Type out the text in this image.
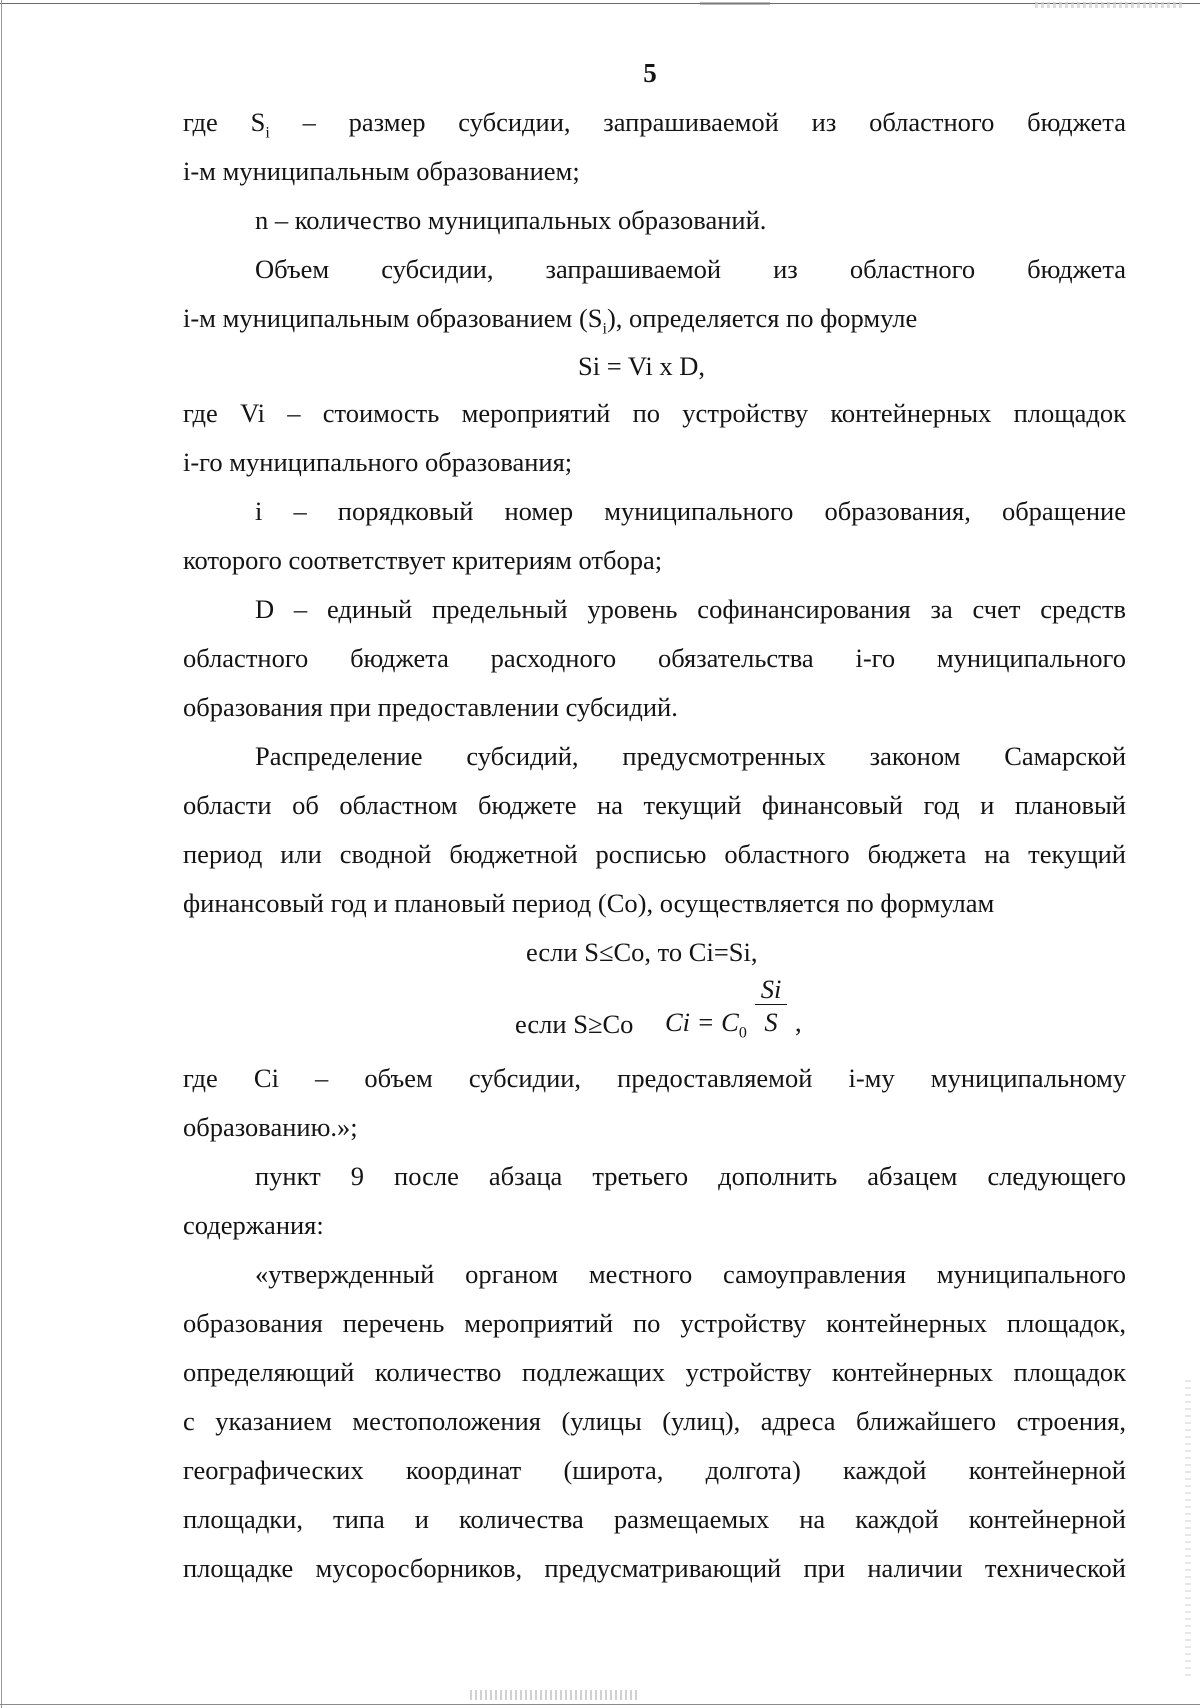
5
где $S_i$ – размер субсидии, запрашиваемой из областного бюджета
i-м муниципальным образованием;
n – количество муниципальных образований.
Объем субсидии, запрашиваемой из областного бюджета
i-м муниципальным образованием $(S_i)$, определяется по формуле
Si = Vi x D,
где Vi – стоимость мероприятий по устройству контейнерных площадок
i-го муниципального образования;
i – порядковый номер муниципального образования, обращение
которого соответствует критериям отбора;
D – единый предельный уровень софинансирования за счет средств
областного бюджета расходного обязательства i-го муниципального
образования при предоставлении субсидий.
Распределение субсидий, предусмотренных законом Самарской
области об областном бюджете на текущий финансовый год и плановый
период или сводной бюджетной росписью областного бюджета на текущий
финансовый год и плановый период (Со), осуществляется по формулам
если S≤Co, то Ci=Si,
если S≥Co $Ci = C_0 \frac{Si}{S}$ ,
где Ci – объем субсидии, предоставляемой i-му муниципальному
образованию.»;
пункт 9 после абзаца третьего дополнить абзацем следующего
содержания:
«утвержденный органом местного самоуправления муниципального
образования перечень мероприятий по устройству контейнерных площадок,
определяющий количество подлежащих устройству контейнерных площадок
с указанием местоположения (улицы (улиц), адреса ближайшего строения,
географических координат (широта, долгота) каждой контейнерной
площадки, типа и количества размещаемых на каждой контейнерной
площадке мусоросборников, предусматривающий при наличии технической
